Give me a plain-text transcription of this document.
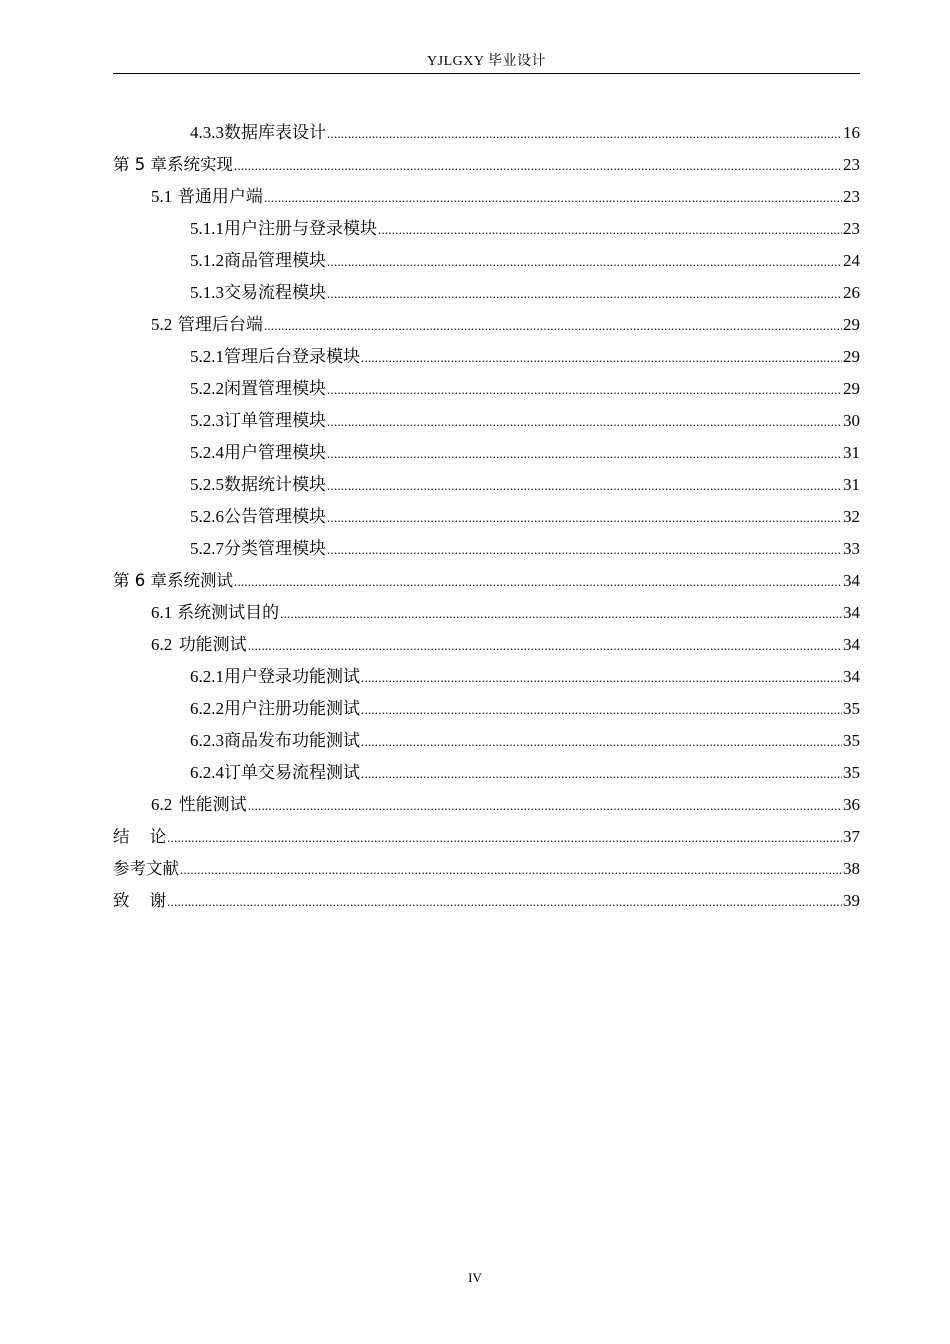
YJLGXY 毕业设计
4.3.3 数据库表设计 .....	16
第 5 章 系统实现 .....	23
5.1 普通用户端 .....	23
5.1.1 用户注册与登录模块 .....	23
5.1.2 商品管理模块 .....	24
5.1.3 交易流程模块 .....	26
5.2 管理后台端 .....	29
5.2.1 管理后台登录模块 .....	29
5.2.2 闲置管理模块 .....	29
5.2.3 订单管理模块 .....	30
5.2.4 用户管理模块 .....	31
5.2.5 数据统计模块 .....	31
5.2.6 公告管理模块 .....	32
5.2.7 分类管理模块 .....	33
第 6 章 系统测试 .....	34
6.1 系统测试目的 .....	34
6.2 功能测试 .....	34
6.2.1 用户登录功能测试 .....	34
6.2.2 用户注册功能测试 .....	35
6.2.3 商品发布功能测试 .....	35
6.2.4 订单交易流程测试 .....	35
6.2 性能测试 .....	36
结 论 .....	37
参考文献 .....	38
致 谢 .....	39
IV
